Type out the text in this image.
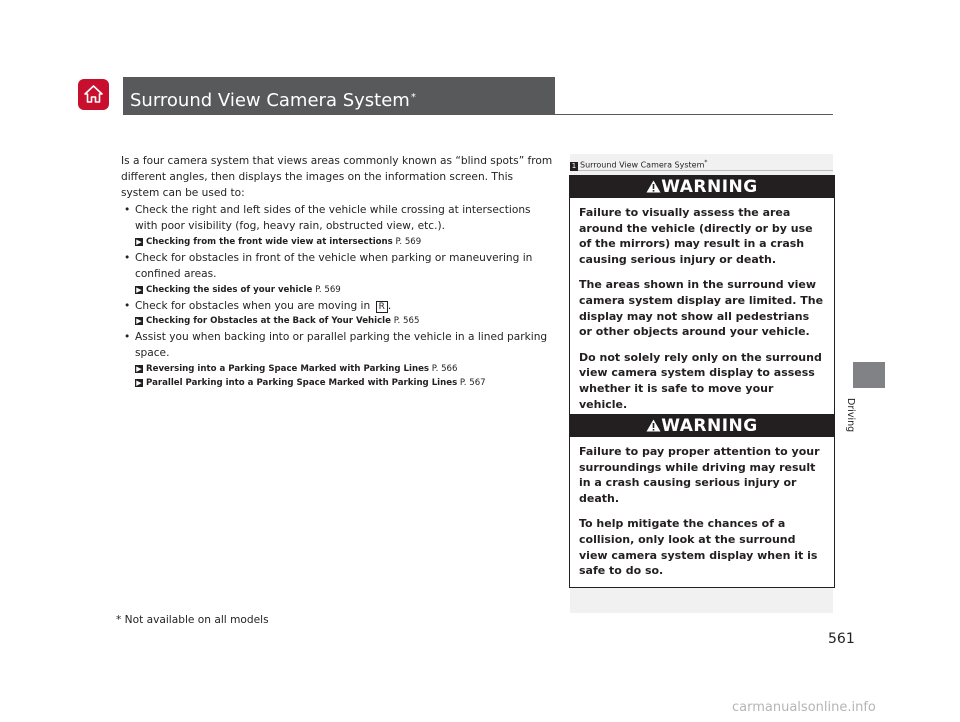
Surround View Camera System*

Is a four camera system that views areas commonly known as “blind spots” from different angles, then displays the images on the information screen. This system can be used to:

• Check the right and left sides of the vehicle while crossing at intersections with poor visibility (fog, heavy rain, obstructed view, etc.).
▶ Checking from the front wide view at intersections P. 569
• Check for obstacles in front of the vehicle when parking or maneuvering in confined areas.
▶ Checking the sides of your vehicle P. 569
• Check for obstacles when you are moving in R .
▶ Checking for Obstacles at the Back of Your Vehicle P. 565
• Assist you when backing into or parallel parking the vehicle in a lined parking space.
▶ Reversing into a Parking Space Marked with Parking Lines P. 566
▶ Parallel Parking into a Parking Space Marked with Parking Lines P. 567
1 Surround View Camera System*
WARNING

Failure to visually assess the area around the vehicle (directly or by use of the mirrors) may result in a crash causing serious injury or death.

The areas shown in the surround view camera system display are limited. The display may not show all pedestrians or other objects around your vehicle.

Do not solely rely only on the surround view camera system display to assess whether it is safe to move your vehicle.

WARNING

Failure to pay proper attention to your surroundings while driving may result in a crash causing serious injury or death.

To help mitigate the chances of a collision, only look at the surround view camera system display when it is safe to do so.

Driving
* Not available on all models
561
carmanualsonline.info
